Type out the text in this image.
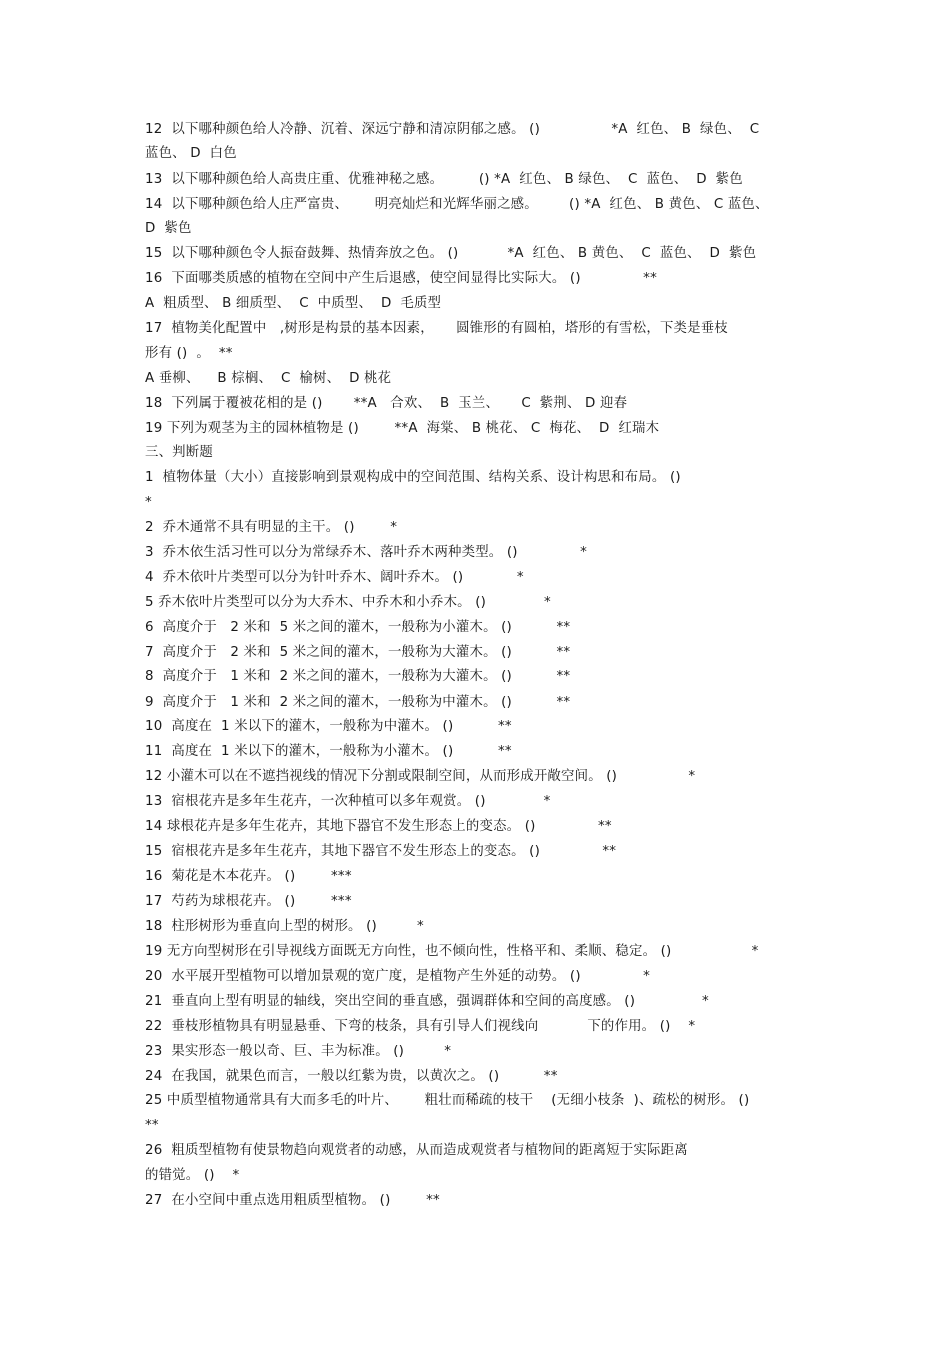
12  以下哪种颜色给人冷静、沉着、深远宁静和清凉阴郁之感。 ()                *A  红色、 B  绿色、  C
蓝色、 D  白色
13  以下哪种颜色给人高贵庄重、优雅神秘之感。        () *A  红色、 B 绿色、  C  蓝色、  D  紫色
14  以下哪种颜色给人庄严富贵、      明亮灿烂和光辉华丽之感。       () *A  红色、 B 黄色、 C 蓝色、
D  紫色
15  以下哪种颜色令人振奋鼓舞、热情奔放之色。 ()           *A  红色、 B 黄色、  C  蓝色、  D  紫色
16  下面哪类质感的植物在空间中产生后退感，使空间显得比实际大。 ()              **
A  粗质型、 B 细质型、  C  中质型、  D  毛质型
17  植物美化配置中   ,树形是构景的基本因素，     圆锥形的有圆柏，塔形的有雪松，下类是垂枝
形有 ()  。  **
A 垂柳、    B 棕榈、  C  榆树、  D 桃花
18  下列属于覆被花相的是 ()       **A   合欢、  B  玉兰、     C  紫荆、 D 迎春
19 下列为观茎为主的园林植物是 ()        **A  海棠、 B 桃花、 C  梅花、  D  红瑞木
三、判断题
1  植物体量（大小）直接影响到景观构成中的空间范围、结构关系、设计构思和布局。 ()
*
2  乔木通常不具有明显的主干。 ()        *
3  乔木依生活习性可以分为常绿乔木、落叶乔木两种类型。 ()              *
4  乔木依叶片类型可以分为针叶乔木、阔叶乔木。 ()            *
5 乔木依叶片类型可以分为大乔木、中乔木和小乔木。 ()             *
6  高度介于   2 米和  5 米之间的灌木，一般称为小灌木。 ()          **
7  高度介于   2 米和  5 米之间的灌木，一般称为大灌木。 ()          **
8  高度介于   1 米和  2 米之间的灌木，一般称为大灌木。 ()          **
9  高度介于   1 米和  2 米之间的灌木，一般称为中灌木。 ()          **
10  高度在  1 米以下的灌木，一般称为中灌木。 ()          **
11  高度在  1 米以下的灌木，一般称为小灌木。 ()          **
12 小灌木可以在不遮挡视线的情况下分割或限制空间，从而形成开敞空间。 ()                *
13  宿根花卉是多年生花卉，一次种植可以多年观赏。 ()             *
14 球根花卉是多年生花卉，其地下器官不发生形态上的变态。 ()              **
15  宿根花卉是多年生花卉，其地下器官不发生形态上的变态。 ()              **
16  菊花是木本花卉。 ()        ***
17  芍药为球根花卉。 ()        ***
18  柱形树形为垂直向上型的树形。 ()         *
19 无方向型树形在引导视线方面既无方向性，也不倾向性，性格平和、柔顺、稳定。 ()                  *
20  水平展开型植物可以增加景观的宽广度，是植物产生外延的动势。 ()              *
21  垂直向上型有明显的轴线，突出空间的垂直感，强调群体和空间的高度感。 ()               *
22  垂枝形植物具有明显悬垂、下弯的枝条，具有引导人们视线向           下的作用。 ()    *
23  果实形态一般以奇、巨、丰为标准。 ()         *
24  在我国，就果色而言，一般以红紫为贵，以黄次之。 ()          **
25 中质型植物通常具有大而多毛的叶片、      粗壮而稀疏的枝干    (无细小枝条  )、疏松的树形。 ()
**
26  粗质型植物有使景物趋向观赏者的动感，从而造成观赏者与植物间的距离短于实际距离
的错觉。 ()    *
27  在小空间中重点选用粗质型植物。 ()        **
